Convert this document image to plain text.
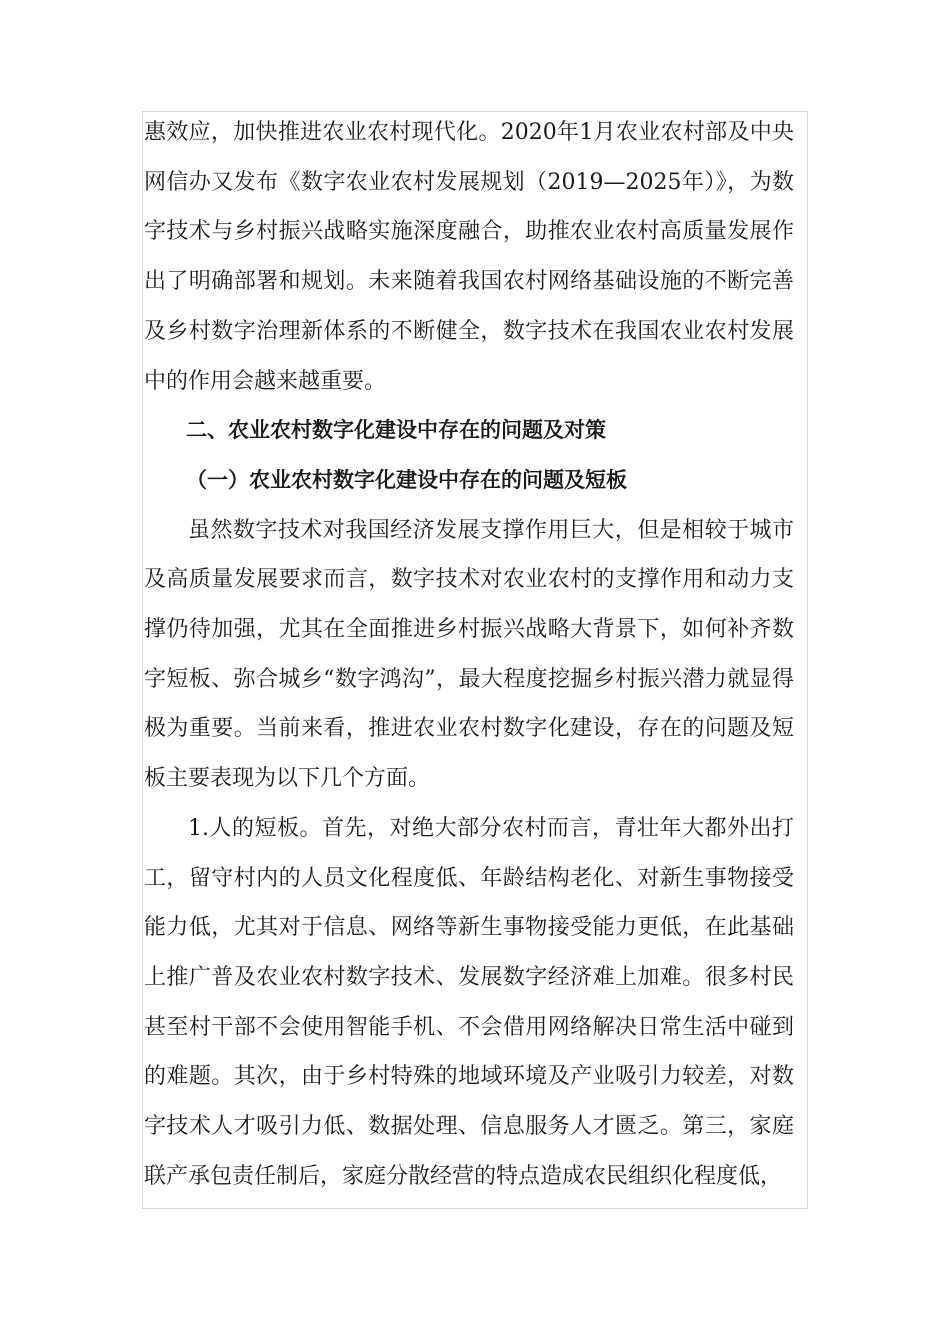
惠效应，加快推进农业农村现代化。2020年1月农业农村部及中央网信办又发布《数字农业农村发展规划（2019—2025年）》，为数字技术与乡村振兴战略实施深度融合，助推农业农村高质量发展作出了明确部署和规划。未来随着我国农村网络基础设施的不断完善及乡村数字治理新体系的不断健全，数字技术在我国农业农村发展中的作用会越来越重要。

二、农业农村数字化建设中存在的问题及对策

（一）农业农村数字化建设中存在的问题及短板

虽然数字技术对我国经济发展支撑作用巨大，但是相较于城市及高质量发展要求而言，数字技术对农业农村的支撑作用和动力支撑仍待加强，尤其在全面推进乡村振兴战略大背景下，如何补齐数字短板、弥合城乡“数字鸿沟”，最大程度挖掘乡村振兴潜力就显得极为重要。当前来看，推进农业农村数字化建设，存在的问题及短板主要表现为以下几个方面。

1.人的短板。首先，对绝大部分农村而言，青壮年大都外出打工，留守村内的人员文化程度低、年龄结构老化、对新生事物接受能力低，尤其对于信息、网络等新生事物接受能力更低，在此基础上推广普及农业农村数字技术、发展数字经济难上加难。很多村民甚至村干部不会使用智能手机、不会借用网络解决日常生活中碰到的难题。其次，由于乡村特殊的地域环境及产业吸引力较差，对数字技术人才吸引力低、数据处理、信息服务人才匮乏。第三，家庭联产承包责任制后，家庭分散经营的特点造成农民组织化程度低，
